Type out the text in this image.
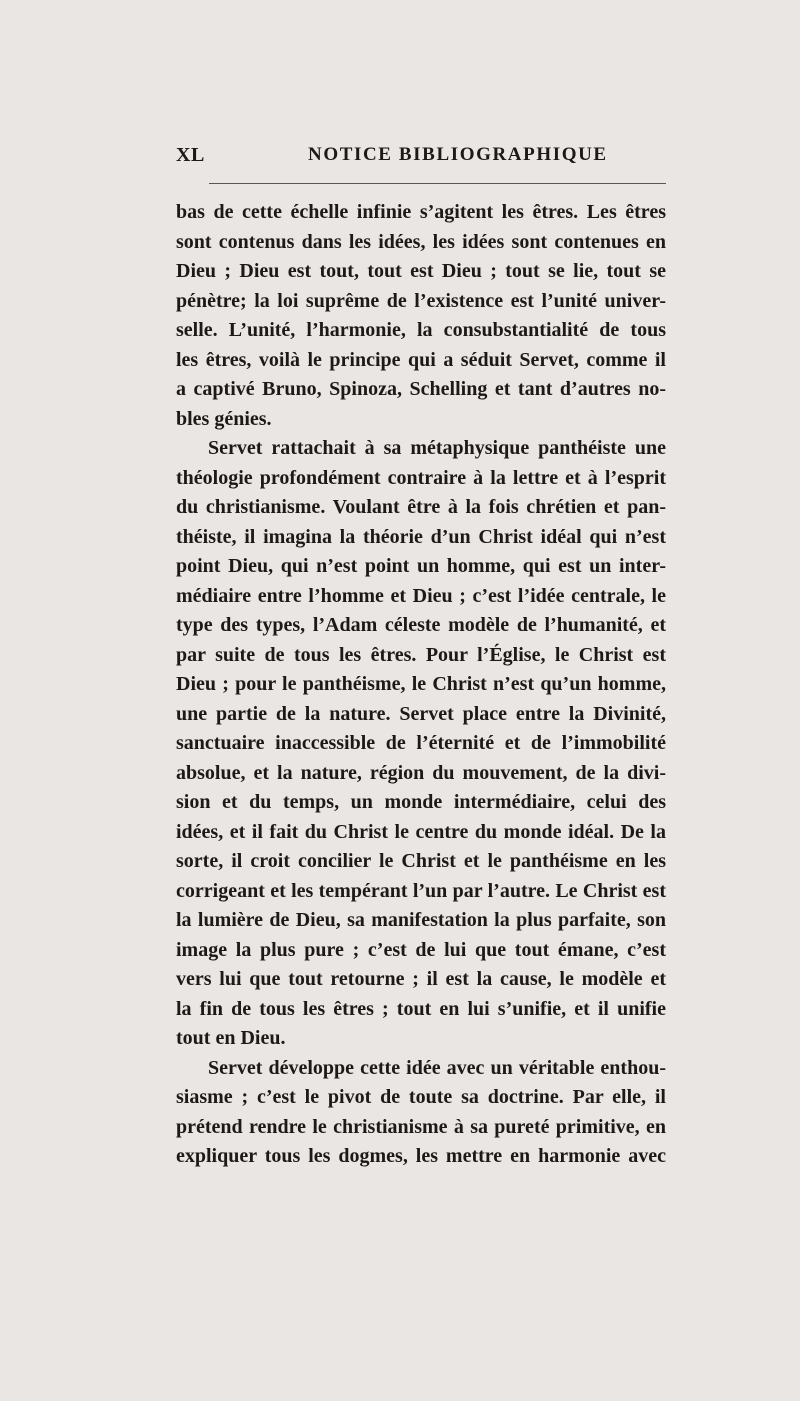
XL	NOTICE BIBLIOGRAPHIQUE
bas de cette échelle infinie s’agitent les êtres. Les êtres
sont contenus dans les idées, les idées sont contenues en
Dieu ; Dieu est tout, tout est Dieu ; tout se lie, tout se
pénètre; la loi suprême de l’existence est l’unité univer-
selle. L’unité, l’harmonie, la consubstantialité de tous
les êtres, voilà le principe qui a séduit Servet, comme il
a captivé Bruno, Spinoza, Schelling et tant d’autres no-
bles génies.
Servet rattachait à sa métaphysique panthéiste une
théologie profondément contraire à la lettre et à l’esprit
du christianisme. Voulant être à la fois chrétien et pan-
théiste, il imagina la théorie d’un Christ idéal qui n’est
point Dieu, qui n’est point un homme, qui est un inter-
médiaire entre l’homme et Dieu ; c’est l’idée centrale, le
type des types, l’Adam céleste modèle de l’humanité, et
par suite de tous les êtres. Pour l’Église, le Christ est
Dieu ; pour le panthéisme, le Christ n’est qu’un homme,
une partie de la nature. Servet place entre la Divinité,
sanctuaire inaccessible de l’éternité et de l’immobilité
absolue, et la nature, région du mouvement, de la divi-
sion et du temps, un monde intermédiaire, celui des
idées, et il fait du Christ le centre du monde idéal. De la
sorte, il croit concilier le Christ et le panthéisme en les
corrigeant et les tempérant l’un par l’autre. Le Christ est
la lumière de Dieu, sa manifestation la plus parfaite, son
image la plus pure ; c’est de lui que tout émane, c’est
vers lui que tout retourne ; il est la cause, le modèle et
la fin de tous les êtres ; tout en lui s’unifie, et il unifie
tout en Dieu.
Servet développe cette idée avec un véritable enthou-
siasme ; c’est le pivot de toute sa doctrine. Par elle, il
prétend rendre le christianisme à sa pureté primitive, en
expliquer tous les dogmes, les mettre en harmonie avec
